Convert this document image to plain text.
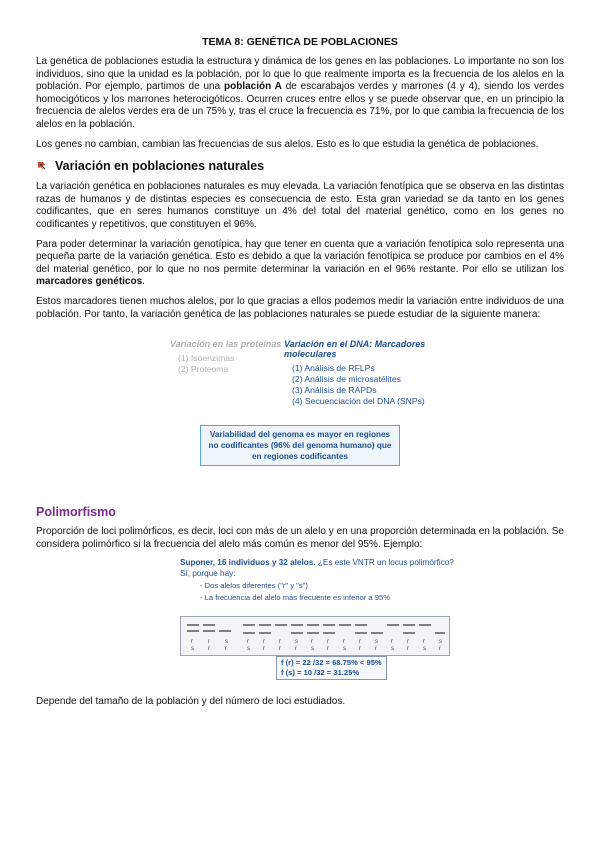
TEMA 8: GENÉTICA DE POBLACIONES

La genética de poblaciones estudia la estructura y dinámica de los genes en las poblaciones. Lo importante no son los individuos, sino que la unidad es la población, por lo que lo que realmente importa es la frecuencia de los alelos en la población. Por ejemplo, partimos de una población A de escarabajos verdes y marrones (4 y 4), siendo los verdes homocigóticos y los marrones heterocigóticos. Ocurren cruces entre ellos y se puede observar que, en un principio la frecuencia de alelos verdes era de un 75% y, tras el cruce la frecuencia es 71%, por lo que cambia la frecuencia de los alelos en la población.

Los genes no cambian, cambian las frecuencias de sus alelos. Esto es lo que estudia la genética de poblaciones.

Variación en poblaciones naturales

La variación genética en poblaciones naturales es muy elevada. La variación fenotípica que se observa en las distintas razas de humanos y de distintas especies es consecuencia de esto. Esta gran variedad se da tanto en los genes codificantes, que en seres humanos constituye un 4% del total del material genético, como en los genes no codificantes y repetitivos, que constituyen el 96%.

Para poder determinar la variación genotípica, hay que tener en cuenta que a variación fenotípica solo representa una pequeña parte de la variación genética. Esto es debido a que la variación fenotípica se produce por cambios en el 4% del material genético, por lo que no nos permite determinar la variación en el 96% restante. Por ello se utilizan los marcadores genéticos.

Estos marcadores tienen muchos alelos, por lo que gracias a ellos podemos medir la variación entre individuos de una población. Por tanto, la variación genética de las poblaciones naturales se puede estudiar de la siguiente manera:

Variación en las proteínas
(1) Isoenzimas
(2) Proteoma
Variación en el DNA: Marcadores moleculares
(1) Análisis de RFLPs
(2) Análisis de microsatélites
(3) Análisis de RAPDs
(4) Secuenciación del DNA (SNPs)
Variabilidad del genoma es mayor en regiones no codificantes (96% del genoma humano) que en regiones codificantes
Polimorfismo

Proporción de loci polimórficos, es decir, loci con más de un alelo y en una proporción determinada en la población. Se considera polimórfico si la frecuencia del alelo más común es menor del 95%. Ejemplo:

Suponer, 16 individuos y 32 alelos. ¿Es este VNTR un locus polimórfico?
Sí, porque hay:
- Dos alelos diferentes ("r" y "s")
- La frecuencia del alelo más frecuente es inferior a 95%
r
s
r
r
s
r
r
s
r
r
r
r
s
r
r
s
r
r
r
s
r
r
s
r
r
s
r
r
r
s
s
r
f (r) = 22 /32 = 68.75% < 95%
f (s) = 10 /32 = 31.25%

Depende del tamaño de la población y del número de loci estudiados.
